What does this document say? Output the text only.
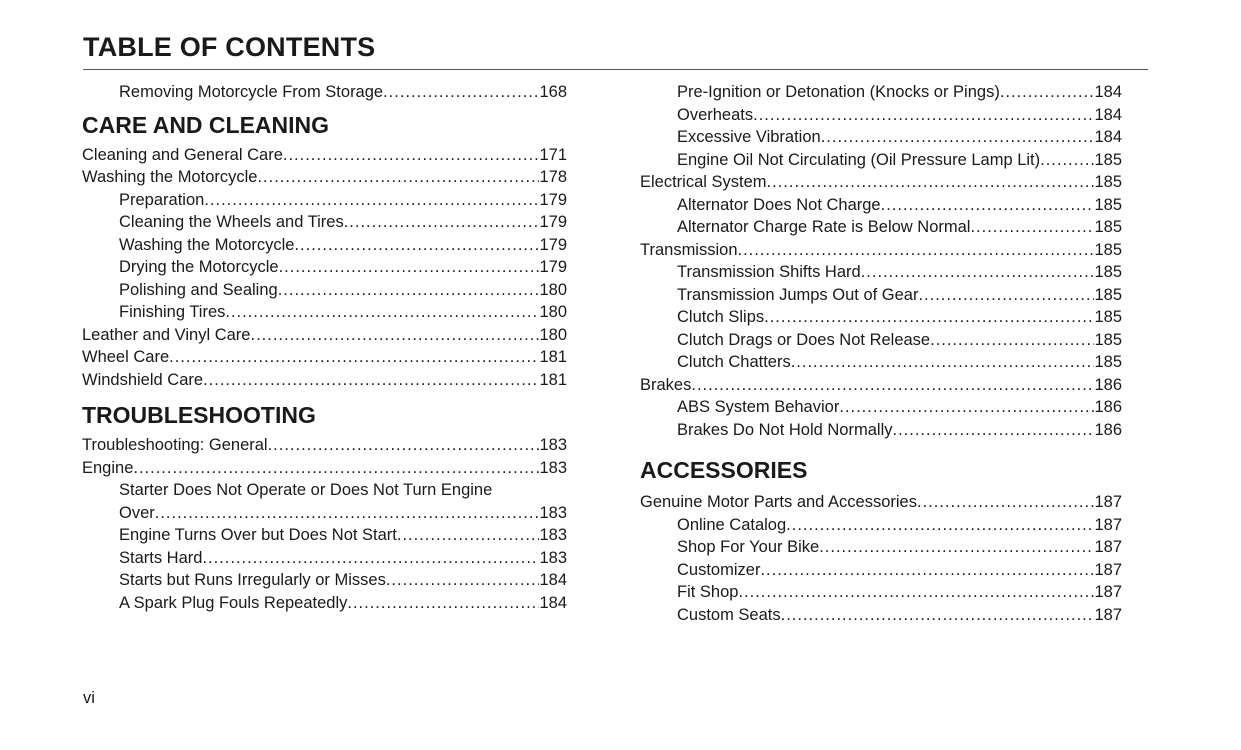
TABLE OF CONTENTS
Removing Motorcycle From Storage .....	168
CARE AND CLEANING
Cleaning and General Care .....	171
Washing the Motorcycle .....	178
Preparation .....	179
Cleaning the Wheels and Tires .....	179
Washing the Motorcycle .....	179
Drying the Motorcycle .....	179
Polishing and Sealing .....	180
Finishing Tires .....	180
Leather and Vinyl Care .....	180
Wheel Care .....	181
Windshield Care .....	181
TROUBLESHOOTING
Troubleshooting: General .....	183
Engine .....	183
Starter Does Not Operate or Does Not Turn Engine
Over .....	183
Engine Turns Over but Does Not Start .....	183
Starts Hard .....	183
Starts but Runs Irregularly or Misses .....	184
A Spark Plug Fouls Repeatedly .....	184
Pre-Ignition or Detonation (Knocks or Pings) .....	184
Overheats .....	184
Excessive Vibration .....	184
Engine Oil Not Circulating (Oil Pressure Lamp Lit) .....	185
Electrical System .....	185
Alternator Does Not Charge .....	185
Alternator Charge Rate is Below Normal .....	185
Transmission .....	185
Transmission Shifts Hard .....	185
Transmission Jumps Out of Gear .....	185
Clutch Slips .....	185
Clutch Drags or Does Not Release .....	185
Clutch Chatters .....	185
Brakes .....	186
ABS System Behavior .....	186
Brakes Do Not Hold Normally .....	186
ACCESSORIES
Genuine Motor Parts and Accessories .....	187
Online Catalog .....	187
Shop For Your Bike .....	187
Customizer .....	187
Fit Shop .....	187
Custom Seats .....	187
vi
